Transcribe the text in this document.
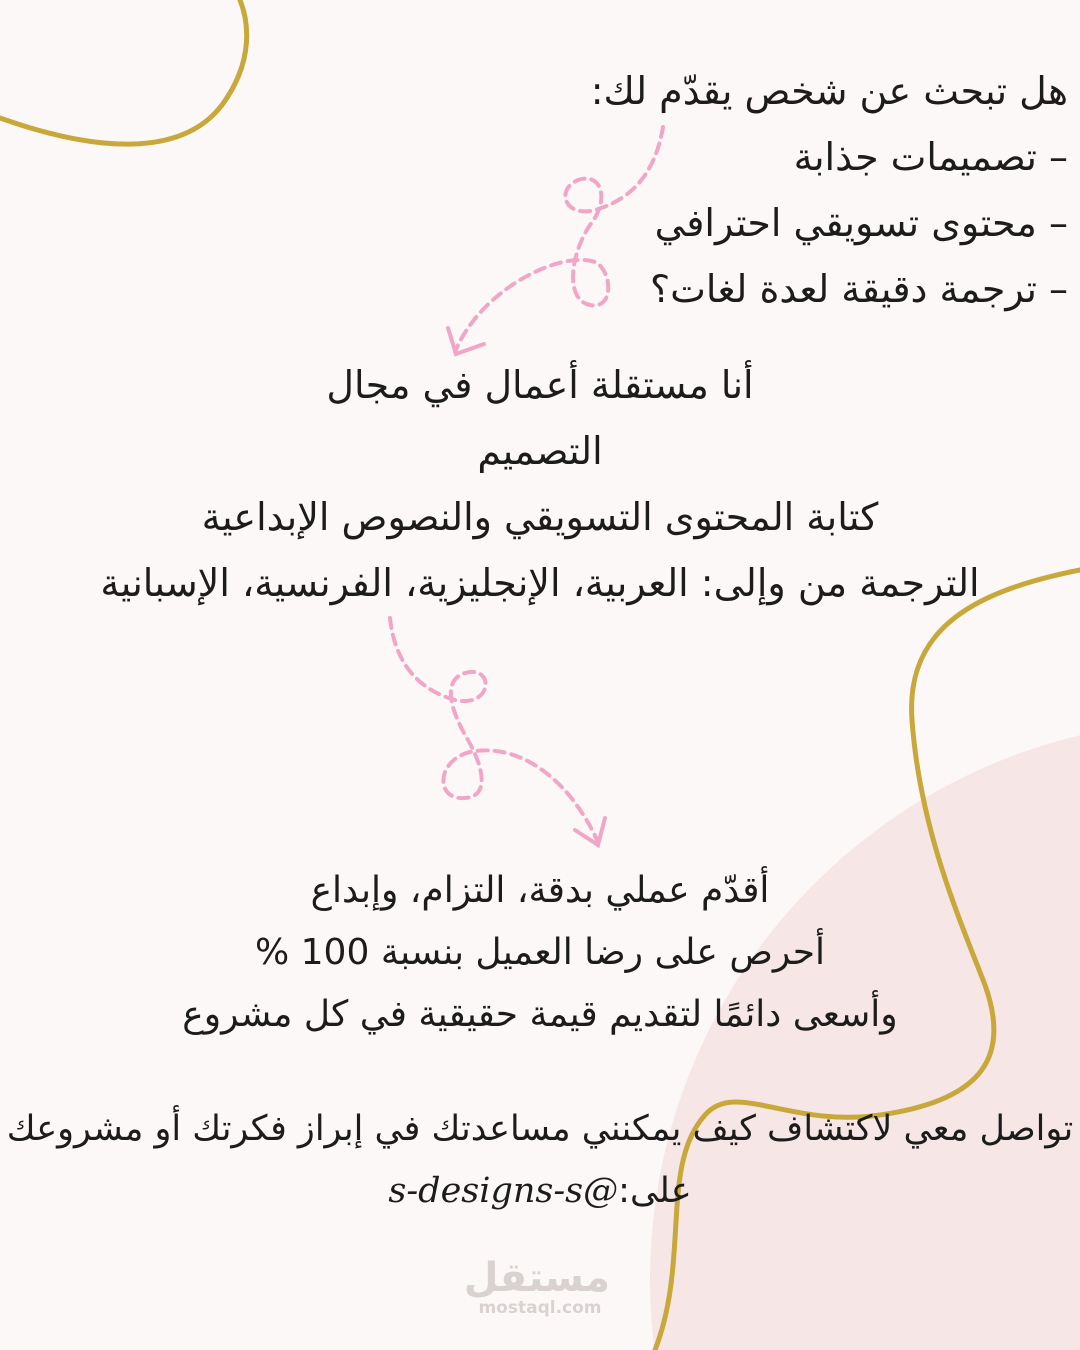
هل تبحث عن شخص يقدّم لك:
– تصميمات جذابة
– محتوى تسويقي احترافي
– ترجمة دقيقة لعدة لغات؟
أنا مستقلة أعمال في مجال
التصميم
كتابة المحتوى التسويقي والنصوص الإبداعية
الترجمة من وإلى: العربية، الإنجليزية، الفرنسية، الإسبانية
أقدّم عملي بدقة، التزام، وإبداع
أحرص على رضا العميل بنسبة 100 %
وأسعى دائمًا لتقديم قيمة حقيقية في كل مشروع
تواصل معي لاكتشاف كيف يمكنني مساعدتك في إبراز فكرتك أو مشروعك
على:@s-designs-s
مستقل
mostaql.com
